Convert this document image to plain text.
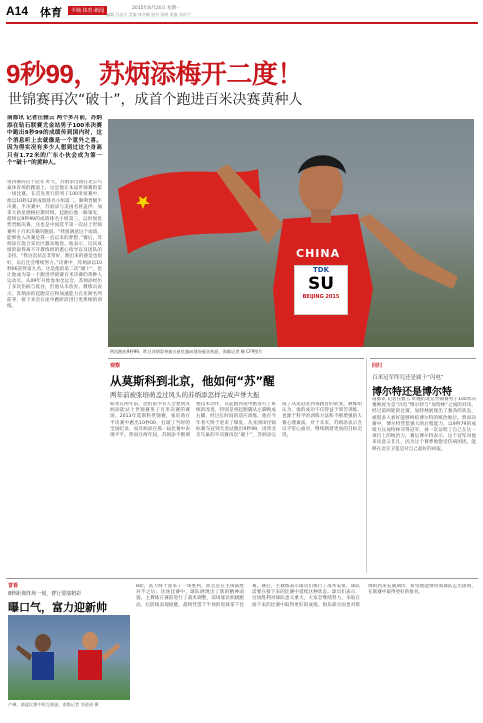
A14 体育	羊城·体育·新闻	2015年8月24日 星期一
编辑 吕忠方 美编 林冬颖 校对 张明 责编 刘京宁
9秒99，苏炳添梅开二度！
世锦赛再次“破十”，成首个跑进百米决赛黄种人
南都讯 记者汪雅云 两个多月前，苏炳添在钻石联赛尤金站男子100米决赛中跑出9秒99的成绩传到国内时，这个消息听上去就像是一个意外之喜。因为得实况有多少人想到过这个身高只有1.72米的广东小伙会成为第一个“破十”的黄种人。
男四乘四首个冠军 昨天，苏炳添出现在北京鸟巢体育场的跑道上，这是他在本届世锦赛的第一场比赛。在首先进行的男子100米预赛中，他以10秒12的成绩排名小组第二，顺利晋级半决赛。半决赛中，苏炳添与美国名将盖伊、加拿大新星德格拉斯同组，起跑后他一路领先，最终以9秒99的成绩排名小组第三，以时间优势晋级决赛，这也是中国选手第一次站上世锦赛男子百米决赛的跑道。“我很满意这个成绩，能够进入决赛是我一直以来的梦想。”赛后，苏炳添在混合采访区激动地说。他表示，这次成绩的取得离不开教练组的悉心指导以及团队的支持。“我这次状态非常好，跑出来的感觉也很好，以后还会继续努力。”决赛中，苏炳添以10秒06获得第九名。这是他的第二次“破十”，也让他成为第一个跑进世锦赛百米决赛的黄种人运动员。从09年开始参加全运会，苏炳添经历了多次伤病与低谷，但他从未放弃。教练员表示，苏炳添的起跑反应和加速能力在亚洲名列前茅，接下来会在途中跑阶段进行更系统的训练。
CHINA
TDK
SU
BEIJING 2015
两次跑出9秒99，昨日苏炳添身披五星红旗向现场观众致意，南都记者 摄 CFP图片
观察
从莫斯科到北京，他如何“苏”醒
两年前被张培萌盖过风头的苏炳添怎样完成声誉大振
如果在两年前，恐怕很少有人会想到苏炳添能站上世锦赛男子百米决赛的赛场。2013年莫斯科世锦赛，张培萌在半决赛中跑出10秒00，打破了当时的全国纪录，而苏炳添在那一届比赛中表现平平。然而这两年间，苏炳添不断调整技术动作，从起跑到途中跑进行了系统的改进，特别是将起跑脚从左脚换成右脚，经过长时间的适应训练，他在今年春天终于迎来了爆发。从亚洲田径锦标赛夺冠到尤金站跑出9秒99，再到北京鸟巢的半决赛再次“破十”，苏炳添完成了从追赶者到领跑者的转变。教练组认为，他的成功不仅得益于刻苦训练，也源于科学的训练方法和不断增强的大赛心理素质。对于未来，苏炳添表示会以平常心面对，继续朝着更高的目标迈进。
回归
百米冠军终究还是属于“闪电”
博尔特还是博尔特
南都讯 记者汪雅云 昨晚的北京世锦赛男子100米决赛被视为是“闪电”博尔特与“加特林”之间的对决。经过前两轮的比赛，加特林展现出了强劲的状态，被很多人看好能够终结博尔特的统治地位。然而决赛中，博尔特凭借强大的后程能力，以9秒79的成绩力压加特林夺得冠军，再一次证明了自己在这一项目上的统治力。赛后博尔特表示，这个冠军对他来说意义非凡，因为这个赛季他饱受伤病困扰，能够在北京卫冕是对自己最好的回报。
冒看
8秒距离终场一刻，曹行要演精彩
曝口气，富力迎新帅
卢琳、渠猛比赛中相互鼓励，南都记者 刘金清 摄
8轮，富力终于迎来了一场胜利，而且是在主场战胜对手之后。这场比赛中，球队展现出了新的精神面貌。主教练在赛前进行了战术调整，前场球员积极跑动，后防线表现稳健，最终凭借下半场的进球拿下比赛。赛后，主教练表示球员们执行了战术安排，球队需要在接下来的比赛中延续这种状态。球员们表示，这场胜利对球队意义重大，大家会继续努力，争取在接下来的比赛中取得更好的成绩。俱乐部方面也对新帅的到来充满期待，希望他能够带领球队走出困境，在联赛中取得更好的排名。
